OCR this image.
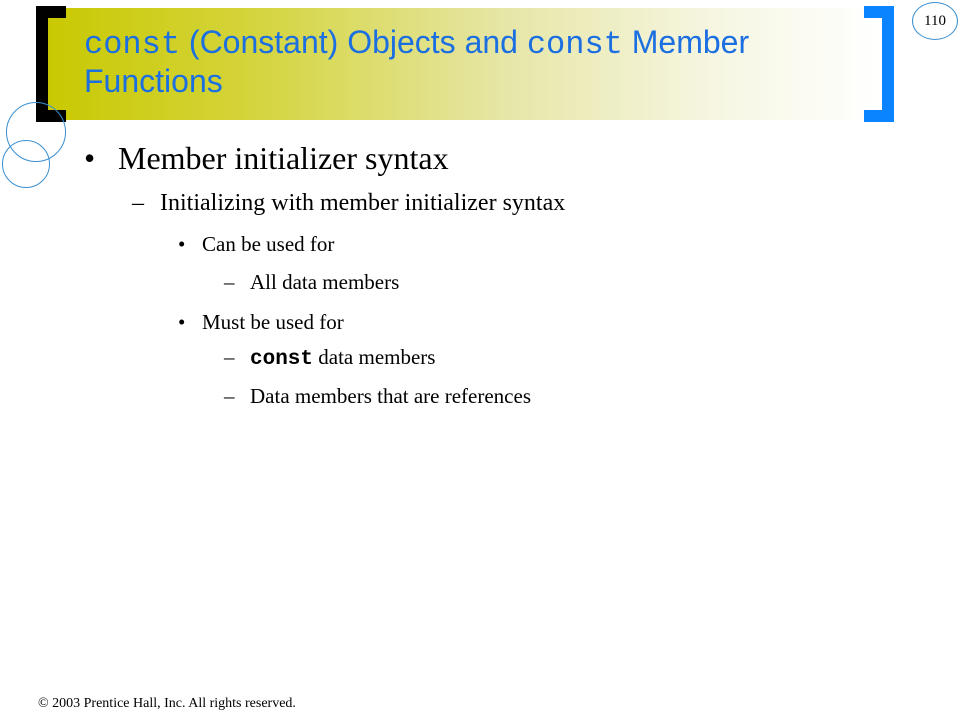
const (Constant) Objects and const Member Functions
110
• Member initializer syntax
– Initializing with member initializer syntax
• Can be used for
– All data members
• Must be used for
– const data members
– Data members that are references
© 2003 Prentice Hall, Inc. All rights reserved.
